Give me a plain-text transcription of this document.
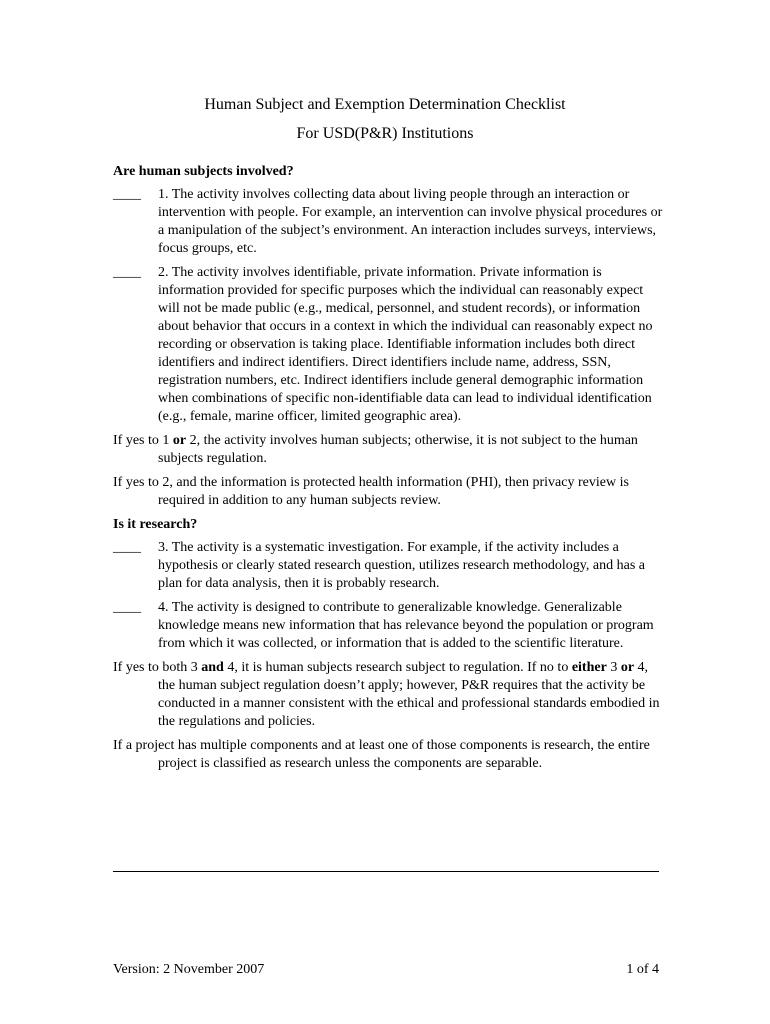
Human Subject and Exemption Determination Checklist
For USD(P&R) Institutions
Are human subjects involved?
____ 1. The activity involves collecting data about living people through an interaction or intervention with people. For example, an intervention can involve physical procedures or a manipulation of the subject’s environment. An interaction includes surveys, interviews, focus groups, etc.
____ 2. The activity involves identifiable, private information. Private information is information provided for specific purposes which the individual can reasonably expect will not be made public (e.g., medical, personnel, and student records), or information about behavior that occurs in a context in which the individual can reasonably expect no recording or observation is taking place. Identifiable information includes both direct identifiers and indirect identifiers. Direct identifiers include name, address, SSN, registration numbers, etc. Indirect identifiers include general demographic information when combinations of specific non-identifiable data can lead to individual identification (e.g., female, marine officer, limited geographic area).
If yes to 1 or 2, the activity involves human subjects; otherwise, it is not subject to the human subjects regulation.
If yes to 2, and the information is protected health information (PHI), then privacy review is required in addition to any human subjects review.
Is it research?
____ 3. The activity is a systematic investigation. For example, if the activity includes a hypothesis or clearly stated research question, utilizes research methodology, and has a plan for data analysis, then it is probably research.
____ 4. The activity is designed to contribute to generalizable knowledge. Generalizable knowledge means new information that has relevance beyond the population or program from which it was collected, or information that is added to the scientific literature.
If yes to both 3 and 4, it is human subjects research subject to regulation. If no to either 3 or 4, the human subject regulation doesn’t apply; however, P&R requires that the activity be conducted in a manner consistent with the ethical and professional standards embodied in the regulations and policies.
If a project has multiple components and at least one of those components is research, the entire project is classified as research unless the components are separable.
Version: 2 November 2007	1 of 4
